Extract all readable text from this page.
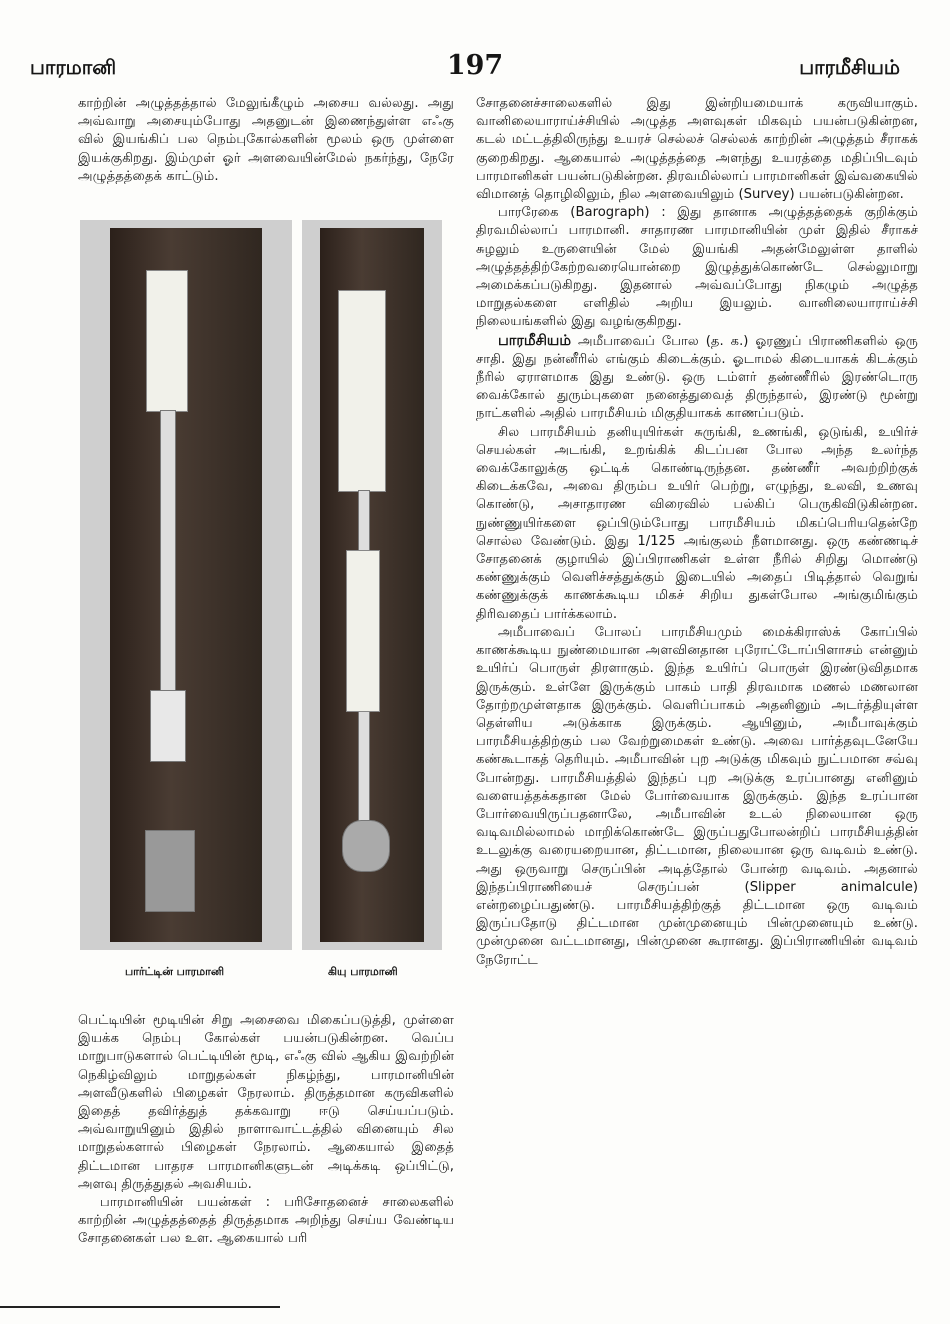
பாரமானி	197	பாரமீசியம்

காற்றின் அழுத்தத்தால் மேலுங்கீழும் அசைய வல்லது. அது அவ்வாறு அசையும்போது அதனுடன் இணைந்துள்ள எஃகு வில் இயங்கிப் பல நெம்புகோல்களின் மூலம் ஒரு முள்ளை இயக்குகிறது. இம்முள் ஓர் அளவையின்மேல் நகர்ந்து, நேரே அழுத்தத்தைக் காட்டும்.

பார்ட்டின் பாரமானி	கியு பாரமானி

பெட்டியின் மூடியின் சிறு அசைவை மிகைப்படுத்தி, முள்ளை இயக்க நெம்பு கோல்கள் பயன்படுகின்றன. வெப்ப மாறுபாடுகளால் பெட்டியின் மூடி, எஃகு வில் ஆகிய இவற்றின் நெகிழ்விலும் மாறுதல்கள் நிகழ்ந்து, பாரமானியின் அளவீடுகளில் பிழைகள் நேரலாம். திருத்தமான கருவிகளில் இதைத் தவிர்த்துத் தக்கவாறு ஈடு செய்யப்படும். அவ்வாறுயினும் இதில் நாளாவாட்டத்தில் வினையும் சில மாறுதல்களால் பிழைகள் நேரலாம். ஆகையால் இதைத் திட்டமான பாதரச பாரமானிகளுடன் அடிக்கடி ஒப்பிட்டு, அளவு திருத்துதல் அவசியம்.

பாரமானியின் பயன்கள் : பரிசோதனைச் சாலைகளில் காற்றின் அழுத்தத்தைத் திருத்தமாக அறிந்து செய்ய வேண்டிய சோதனைகள் பல உள. ஆகையால் பரி

சோதனைச்சாலைகளில் இது இன்றியமையாக் கருவியாகும். வானிலையாராய்ச்சியில் அழுத்த அளவுகள் மிகவும் பயன்படுகின்றன, கடல் மட்டத்திலிருந்து உயரச் செல்லச் செல்லக் காற்றின் அழுத்தம் சீராகக் குறைகிறது. ஆகையால் அழுத்தத்தை அளந்து உயரத்தை மதிப்பிடவும் பாரமானிகள் பயன்படுகின்றன. திரவமில்லாப் பாரமானிகள் இவ்வகையில் விமானத் தொழிலிலும், நில அளவையிலும் (Survey) பயன்படுகின்றன.

பாரரேகை (Barograph) : இது தானாக அழுத்தத்தைக் குறிக்கும் திரவமில்லாப் பாரமானி. சாதாரண பாரமானியின் முள் இதில் சீராகச் சுழலும் உருளையின் மேல் இயங்கி அதன்மேலுள்ள தாளில் அழுத்தத்திற்கேற்றவரையொன்றை இழுத்துக்கொண்டே செல்லுமாறு அமைக்கப்படுகிறது. இதனால் அவ்வப்போது நிகழும் அழுத்த மாறுதல்களை எளிதில் அறிய இயலும். வானிலையாராய்ச்சி நிலையங்களில் இது வழங்குகிறது.

பாரமீசியம் அமீபாவைப் போல (த. க.) ஓரணுப் பிராணிகளில் ஒரு சாதி. இது நன்னீரில் எங்கும் கிடைக்கும். ஓடாமல் கிடையாகக் கிடக்கும் நீரில் ஏராளமாக இது உண்டு. ஒரு டம்ளர் தண்ணீரில் இரண்டொரு வைக்கோல் துரும்புகளை நனைத்துவைத் திருந்தால், இரண்டு மூன்று நாட்களில் அதில் பாரமீசியம் மிகுதியாகக் காணப்படும்.

சில பாரமீசியம் தனியுயிர்கள் சுருங்கி, உணங்கி, ஒடுங்கி, உயிர்ச் செயல்கள் அடங்கி, உறங்கிக் கிடப்பன போல அந்த உலர்ந்த வைக்கோலுக்கு ஒட்டிக் கொண்டிருந்தன. தண்ணீர் அவற்றிற்குக் கிடைக்கவே, அவை திரும்ப உயிர் பெற்று, எழுந்து, உலவி, உணவு கொண்டு, அசாதாரண விரைவில் பல்கிப் பெருகிவிடுகின்றன. நுண்ணுயிர்களை ஒப்பிடும்போது பாரமீசியம் மிகப்பெரியதென்றே சொல்ல வேண்டும். இது 1/125 அங்குலம் நீளமானது. ஒரு கண்ணடிச் சோதனைக் குழாயில் இப்பிராணிகள் உள்ள நீரில் சிறிது மொண்டு கண்ணுக்கும் வெளிச்சத்துக்கும் இடையில் அதைப் பிடித்தால் வெறுங் கண்ணுக்குக் காணக்கூடிய மிகச் சிறிய துகள்போல அங்குமிங்கும் திரிவதைப் பார்க்கலாம்.

அமீபாவைப் போலப் பாரமீசியமும் மைக்கிராஸ்க் கோப்பில் காணக்கூடிய நுண்மையான அளவினதான புரோட்டோப்பிளாசம் என்னும் உயிர்ப் பொருள் திரளாகும். இந்த உயிர்ப் பொருள் இரண்டுவிதமாக இருக்கும். உள்ளே இருக்கும் பாகம் பாதி திரவமாக மணல் மணலான தோற்றமுள்ளதாக இருக்கும். வெளிப்பாகம் அதனினும் அடர்த்தியுள்ள தெள்ளிய அடுக்காக இருக்கும். ஆயினும், அமீபாவுக்கும் பாரமீசியத்திற்கும் பல வேற்றுமைகள் உண்டு. அவை பார்த்தவுடனேயே கண்கூடாகத் தெரியும். அமீபாவின் புற அடுக்கு மிகவும் நுட்பமான சவ்வு போன்றது. பாரமீசியத்தில் இந்தப் புற அடுக்கு உரப்பானது எனினும் வளையத்தக்கதான மேல் போர்வையாக இருக்கும். இந்த உரப்பான போர்வையிருப்பதனாலே, அமீபாவின் உடல் நிலையான ஒரு வடிவமில்லாமல் மாறிக்கொண்டே இருப்பதுபோலன்றிப் பாரமீசியத்தின் உடலுக்கு வரையறையான, திட்டமான, நிலையான ஒரு வடிவம் உண்டு. அது ஒருவாறு செருப்பின் அடித்தோல் போன்ற வடிவம். அதனால் இந்தப்பிராணியைச் செருப்பன் (Slipper animalcule) என்றழைப்பதுண்டு. பாரமீசியத்திற்குத் திட்டமான ஒரு வடிவம் இருப்பதோடு திட்டமான முன்முனையும் பின்முனையும் உண்டு. முன்முனை வட்டமானது, பின்முனை கூரானது. இப்பிராணியின் வடிவம் நேரோட்ட
